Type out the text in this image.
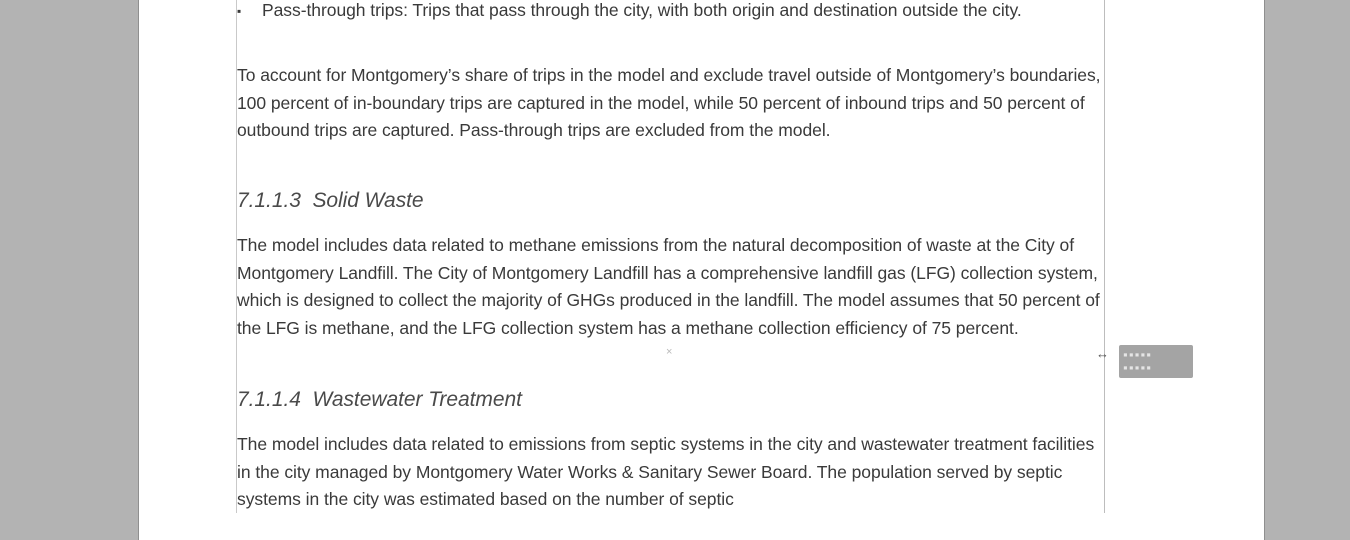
▪ Pass-through trips: Trips that pass through the city, with both origin and destination outside the city.

To account for Montgomery’s share of trips in the model and exclude travel outside of Montgomery’s boundaries, 100 percent of in-boundary trips are captured in the model, while 50 percent of inbound trips and 50 percent of outbound trips are captured. Pass-through trips are excluded from the model.

7.1.1.3  Solid Waste

The model includes data related to methane emissions from the natural decomposition of waste at the City of Montgomery Landfill. The City of Montgomery Landfill has a comprehensive landfill gas (LFG) collection system, which is designed to collect the majority of GHGs produced in the landfill. The model assumes that 50 percent of the LFG is methane, and the LFG collection system has a methane collection efficiency of 75 percent.

7.1.1.4  Wastewater Treatment

The model includes data related to emissions from septic systems in the city and wastewater treatment facilities in the city managed by Montgomery Water Works & Sanitary Sewer Board. The population served by septic systems in the city was estimated based on the number of septic

×	↔ ▪▪▪▪▪
▪▪▪▪▪
